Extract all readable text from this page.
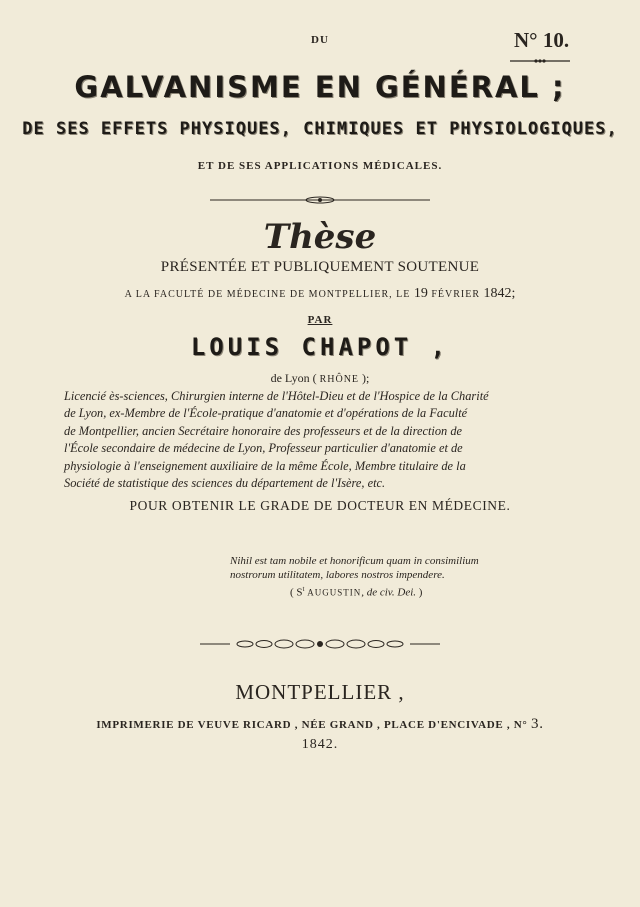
DU	N° 10.
GALVANISME EN GÉNÉRAL ;
DE SES EFFETS PHYSIQUES, CHIMIQUES ET PHYSIOLOGIQUES,
ET DE SES APPLICATIONS MÉDICALES.
Thèse
PRÉSENTÉE ET PUBLIQUEMENT SOUTENUE
A LA FACULTÉ DE MÉDECINE DE MONTPELLIER, LE 19 FÉVRIER 1842;
PAR
LOUIS CHAPOT ,
de Lyon ( RHÔNE );
Licencié ès-sciences, Chirurgien interne de l'Hôtel-Dieu et de l'Hospice de la Charité
de Lyon, ex-Membre de l'École-pratique d'anatomie et d'opérations de la Faculté
de Montpellier, ancien Secrétaire honoraire des professeurs et de la direction de
l'École secondaire de médecine de Lyon, Professeur particulier d'anatomie et de
physiologie à l'enseignement auxiliaire de la même École, Membre titulaire de la
Société de statistique des sciences du département de l'Isère, etc.
POUR OBTENIR LE GRADE DE DOCTEUR EN MÉDECINE.
Nihil est tam nobile et honorificum quam in consimilium
nostrorum utilitatem, labores nostros impendere.
( $S^t$ AUGUSTIN, de civ. Dei. )
MONTPELLIER ,
IMPRIMERIE DE VEUVE RICARD , NÉE GRAND , PLACE D'ENCIVADE , N° 3.
1842.
